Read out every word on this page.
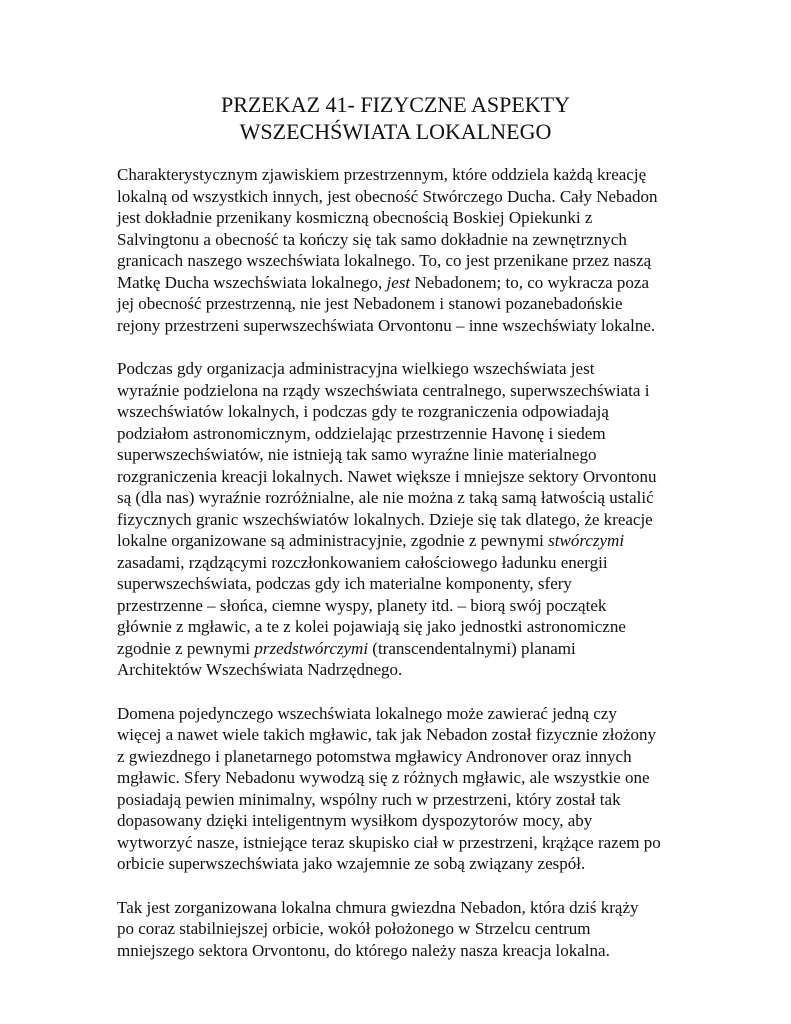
PRZEKAZ 41- FIZYCZNE ASPEKTY
WSZECHŚWIATA LOKALNEGO

Charakterystycznym zjawiskiem przestrzennym, które oddziela każdą kreację
lokalną od wszystkich innych, jest obecność Stwórczego Ducha. Cały Nebadon
jest dokładnie przenikany kosmiczną obecnością Boskiej Opiekunki z
Salvingtonu a obecność ta kończy się tak samo dokładnie na zewnętrznych
granicach naszego wszechświata lokalnego. To, co jest przenikane przez naszą
Matkę Ducha wszechświata lokalnego, jest Nebadonem; to, co wykracza poza
jej obecność przestrzenną, nie jest Nebadonem i stanowi pozanebadońskie
rejony przestrzeni superwszechświata Orvontonu – inne wszechświaty lokalne.

Podczas gdy organizacja administracyjna wielkiego wszechświata jest
wyraźnie podzielona na rządy wszechświata centralnego, superwszechświata i
wszechświatów lokalnych, i podczas gdy te rozgraniczenia odpowiadają
podziałom astronomicznym, oddzielając przestrzennie Havonę i siedem
superwszechświatów, nie istnieją tak samo wyraźne linie materialnego
rozgraniczenia kreacji lokalnych. Nawet większe i mniejsze sektory Orvontonu
są (dla nas) wyraźnie rozróżnialne, ale nie można z taką samą łatwością ustalić
fizycznych granic wszechświatów lokalnych. Dzieje się tak dlatego, że kreacje
lokalne organizowane są administracyjnie, zgodnie z pewnymi stwórczymi
zasadami, rządzącymi rozczłonkowaniem całościowego ładunku energii
superwszechświata, podczas gdy ich materialne komponenty, sfery
przestrzenne – słońca, ciemne wyspy, planety itd. – biorą swój początek
głównie z mgławic, a te z kolei pojawiają się jako jednostki astronomiczne
zgodnie z pewnymi przedstwórczymi (transcendentalnymi) planami
Architektów Wszechświata Nadrzędnego.

Domena pojedynczego wszechświata lokalnego może zawierać jedną czy
więcej a nawet wiele takich mgławic, tak jak Nebadon został fizycznie złożony
z gwiezdnego i planetarnego potomstwa mgławicy Andronover oraz innych
mgławic. Sfery Nebadonu wywodzą się z różnych mgławic, ale wszystkie one
posiadają pewien minimalny, wspólny ruch w przestrzeni, który został tak
dopasowany dzięki inteligentnym wysiłkom dyspozytorów mocy, aby
wytworzyć nasze, istniejące teraz skupisko ciał w przestrzeni, krążące razem po
orbicie superwszechświata jako wzajemnie ze sobą związany zespół.

Tak jest zorganizowana lokalna chmura gwiezdna Nebadon, która dziś krąży
po coraz stabilniejszej orbicie, wokół położonego w Strzelcu centrum
mniejszego sektora Orvontonu, do którego należy nasza kreacja lokalna.
